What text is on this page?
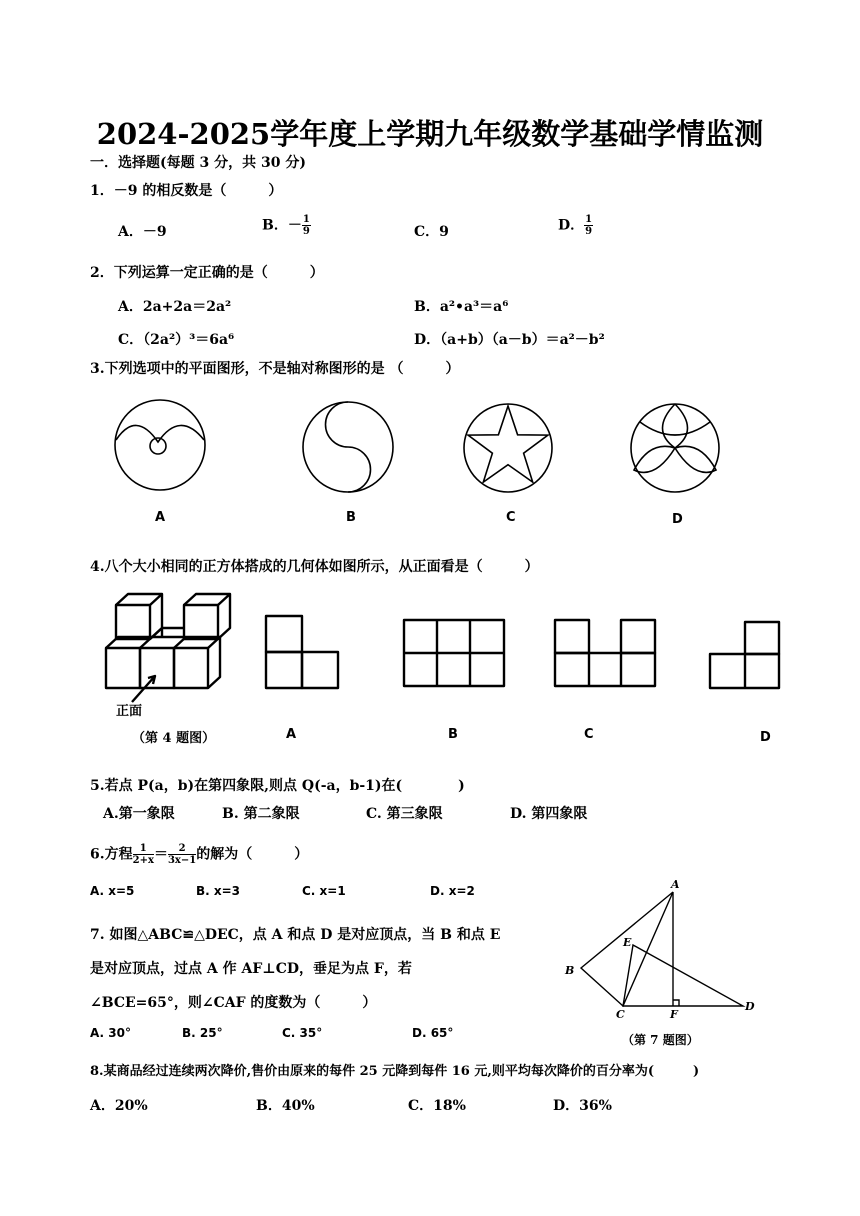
2024-2025学年度上学期九年级数学基础学情监测
一．选择题(每题 3 分，共 30 分)
1．－9 的相反数是（　　　）
A．－9	B．－ $\frac{1}{9}$	C．9	D． $\frac{1}{9}$
2．下列运算一定正确的是（　　　）
A．2a+2a＝2a²	B．a²•a³＝a⁶
C．（2a²）³＝6a⁶	D．（a+b）（a－b）＝a²－b²
3.下列选项中的平面图形，不是轴对称图形的是 （　　　）
A	B	C	D
4.八个大小相同的正方体搭成的几何体如图所示，从正面看是（　　　）
正面
（第 4 题图）	A	B	C	D
5.若点 P(a，b)在第四象限,则点 Q(-a，b-1)在(　　　　)
A.第一象限	B. 第二象限	C. 第三象限	D. 第四象限
6.方程 $\frac{1}{2+x} = \frac{2}{3x-1}$ 的解为（　　　）
A. x=5	B. x=3	C. x=1	D. x=2
7. 如图△ABC≌△DEC，点 A 和点 D 是对应顶点，当 B 和点 E
是对应顶点，过点 A 作 AF⊥CD，垂足为点 F，若
∠BCE=65°，则∠CAF 的度数为（　　　）
A. 30°	B. 25°	C. 35°	D. 65°
A
E
B
C	F
D
（第 7 题图）
8.某商品经过连续两次降价,售价由原来的每件 25 元降到每件 16 元,则平均每次降价的百分率为(　　　)
A．20%	B．40%	C．18%	D．36%
